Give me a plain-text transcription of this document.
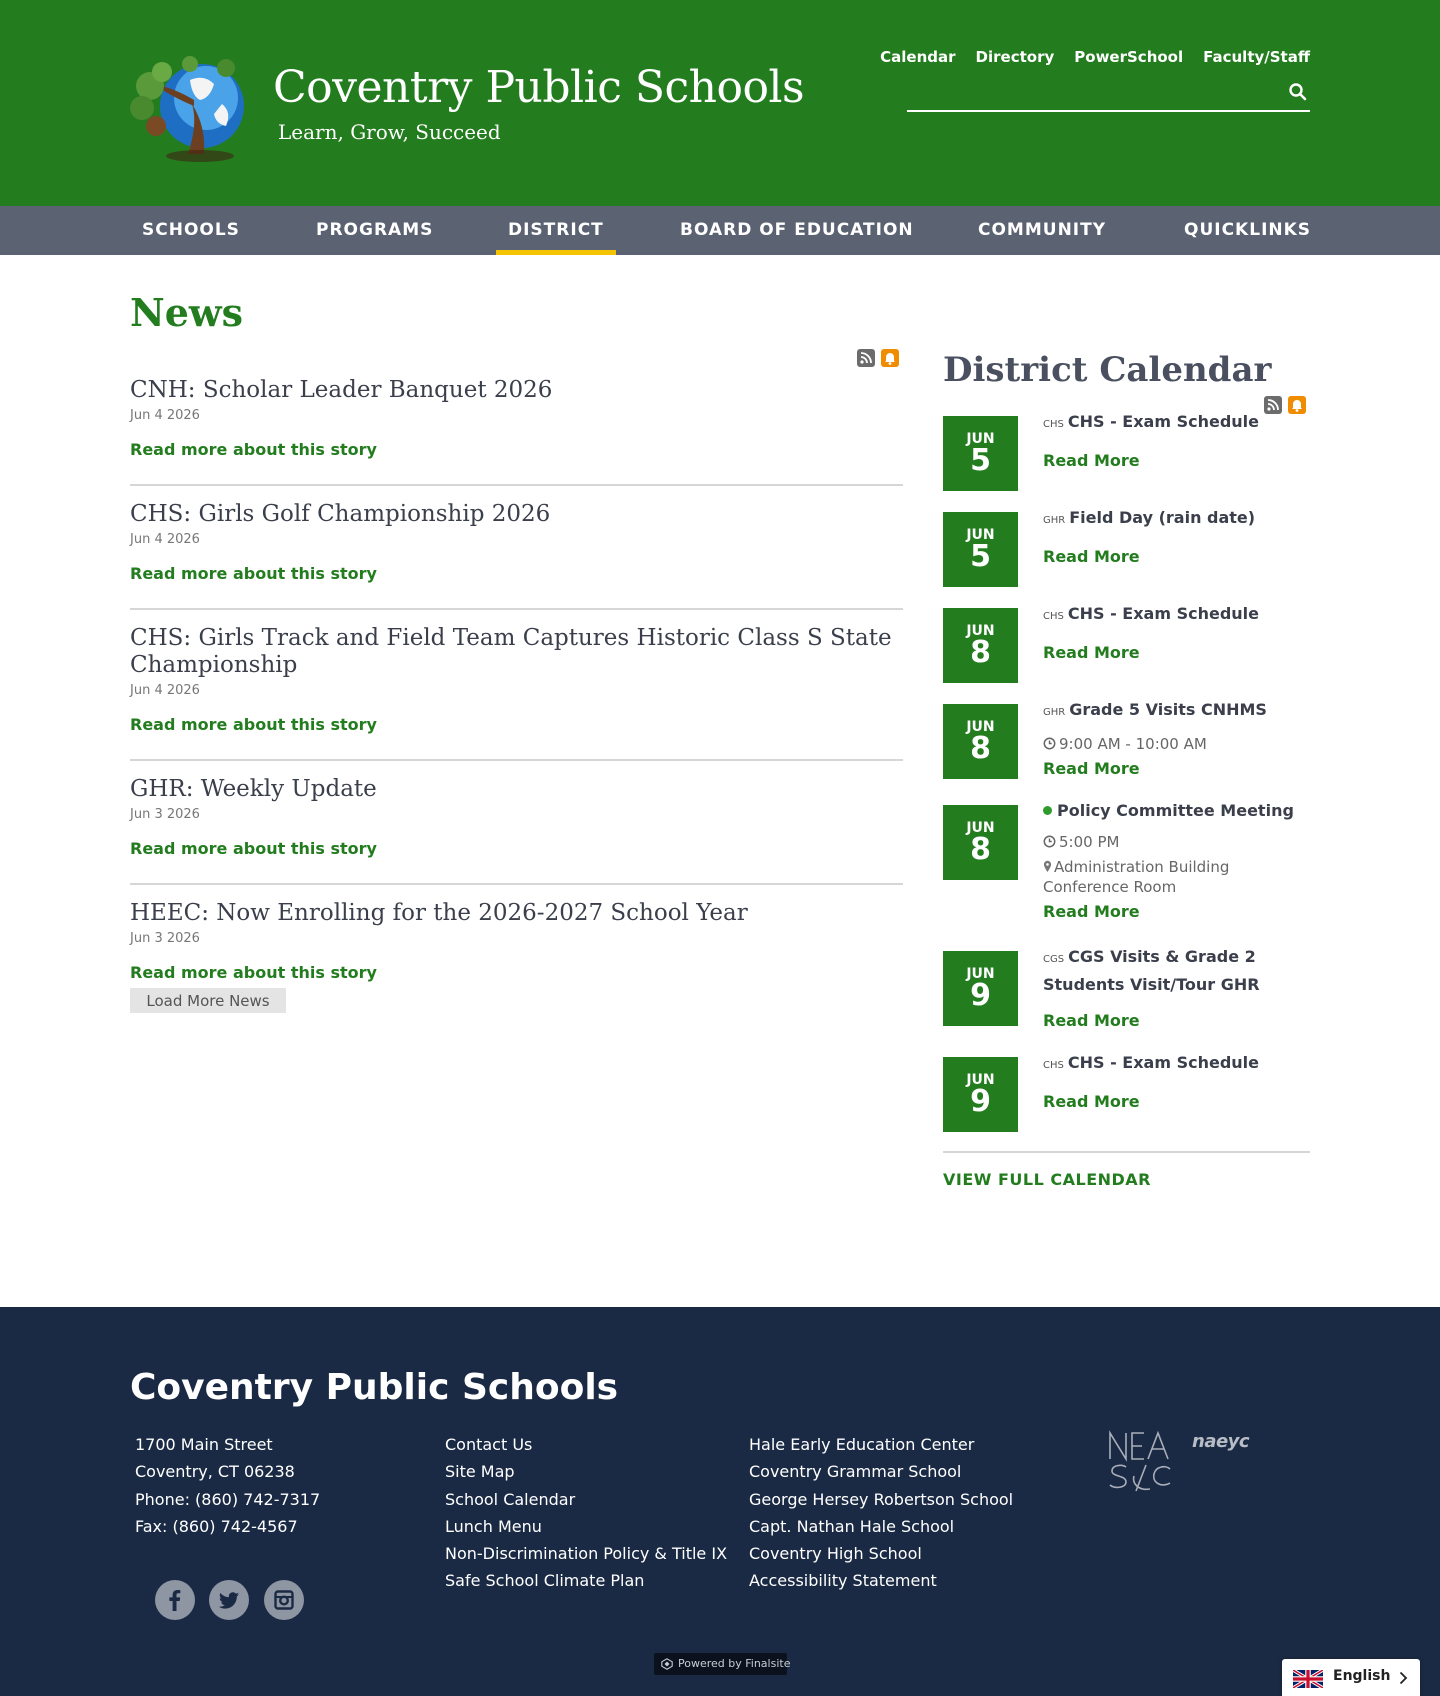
Coventry Public Schools
Learn, Grow, Succeed
Calendar Directory PowerSchool Faculty/Staff
SCHOOLS	PROGRAMS	DISTRICT	BOARD OF EDUCATION	COMMUNITY	QUICKLINKS
News
CNH: Scholar Leader Banquet 2026
Jun 4 2026
Read more about this story
CHS: Girls Golf Championship 2026
Jun 4 2026
Read more about this story
CHS: Girls Track and Field Team Captures Historic Class S State Championship
Jun 4 2026
Read more about this story
GHR: Weekly Update
Jun 3 2026
Read more about this story
HEEC: Now Enrolling for the 2026-2027 School Year
Jun 3 2026
Read more about this story
Load More News
District Calendar
JUN
5
CHS CHS - Exam Schedule
Read More
JUN
5
GHR Field Day (rain date)
Read More
JUN
8
CHS CHS - Exam Schedule
Read More
JUN
8
GHR Grade 5 Visits CNHMS
9:00 AM - 10:00 AM
Read More
JUN
8
Policy Committee Meeting
5:00 PM
Administration Building Conference Room
Read More
JUN
9
CGS CGS Visits & Grade 2 Students Visit/Tour GHR
Read More
JUN
9
CHS CHS - Exam Schedule
Read More
VIEW FULL CALENDAR
Coventry Public Schools
1700 Main Street
Coventry, CT 06238
Phone: (860) 742-7317
Fax: (860) 742-4567
Contact Us
Site Map
School Calendar
Lunch Menu
Non-Discrimination Policy & Title IX
Safe School Climate Plan
Hale Early Education Center
Coventry Grammar School
George Hersey Robertson School
Capt. Nathan Hale School
Coventry High School
Accessibility Statement
naeyc
Powered by Finalsite
English
